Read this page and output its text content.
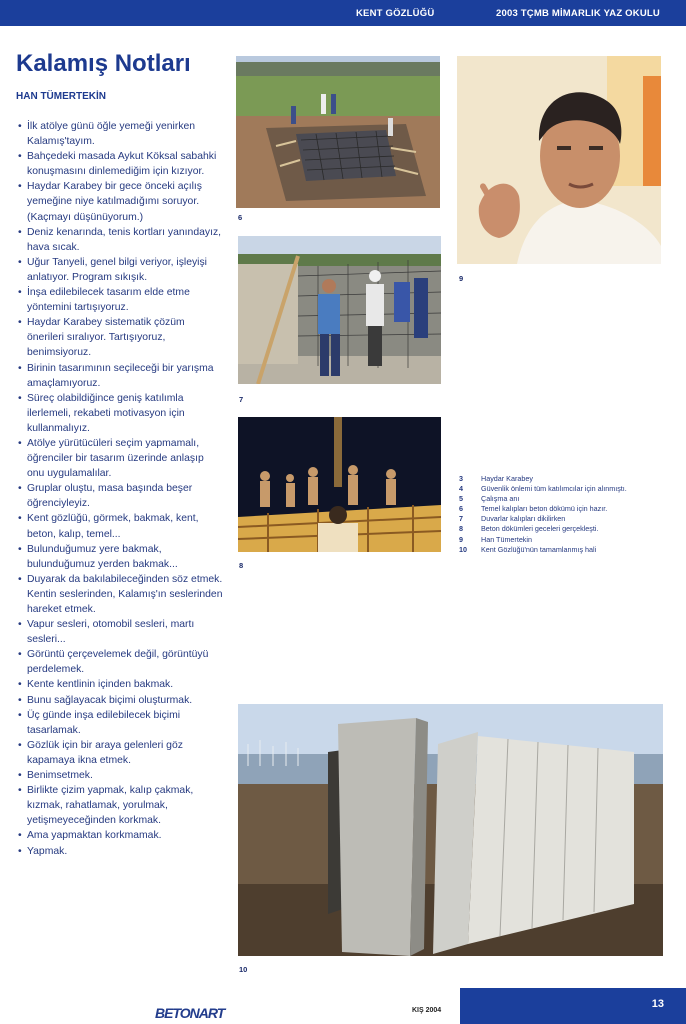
KENT GÖZLÜĞÜ	2003 TÇMB MİMARLIK YAZ OKULU
Kalamış Notları
HAN TÜMERTEKİN
• İlk atölye günü öğle yemeği yenirken Kalamış'tayım.
• Bahçedeki masada Aykut Köksal sabahki konuşmasını dinlemediğim için kızıyor.
• Haydar Karabey bir gece önceki açılış yemeğine niye katılmadığımı soruyor. (Kaçmayı düşünüyorum.)
• Deniz kenarında, tenis kortları yanındayız, hava sıcak.
• Uğur Tanyeli, genel bilgi veriyor, işleyişi anlatıyor. Program sıkışık.
• İnşa edilebilecek tasarım elde etme yöntemini tartışıyoruz.
• Haydar Karabey sistematik çözüm önerileri sıralıyor. Tartışıyoruz, benimsiyoruz.
• Birinin tasarımının seçileceği bir yarışma amaçlamıyoruz.
• Süreç olabildiğince geniş katılımla ilerlemeli, rekabeti motivasyon için kullanmalıyız.
• Atölye yürütücüleri seçim yapmamalı, öğrenciler bir tasarım üzerinde anlaşıp onu uygulamalılar.
• Gruplar oluştu, masa başında beşer öğrenciyleyiz.
• Kent gözlüğü, görmek, bakmak, kent, beton, kalıp, temel...
• Bulunduğumuz yere bakmak, bulunduğumuz yerden bakmak...
• Duyarak da bakılabileceğinden söz etmek. Kentin seslerinden, Kalamış'ın seslerinden hareket etmek.
• Vapur sesleri, otomobil sesleri, martı sesleri...
• Görüntü çerçevelemek değil, görüntüyü perdelemek.
• Kente kentlinin içinden bakmak.
• Bunu sağlayacak biçimi oluşturmak.
• Üç günde inşa edilebilecek biçimi tasarlamak.
• Gözlük için bir araya gelenleri göz kapamaya ikna etmek.
• Benimsetmek.
• Birlikte çizim yapmak, kalıp çakmak, kızmak, rahatlamak, yorulmak, yetişmeyeceğinden korkmak.
• Ama yapmaktan korkmamak.
• Yapmak.
6
9
7
8
3	Haydar Karabey
4	Güvenlik önlemi tüm katılımcılar için alınmıştı.
5	Çalışma anı
6	Temel kalıpları beton dökümü için hazır.
7	Duvarlar kalıpları dikilirken
8	Beton dökümleri geceleri gerçekleşti.
9	Han Tümertekin
10	Kent Gözlüğü'nün tamamlanmış hali
10
BETONART	KIŞ 2004
13
